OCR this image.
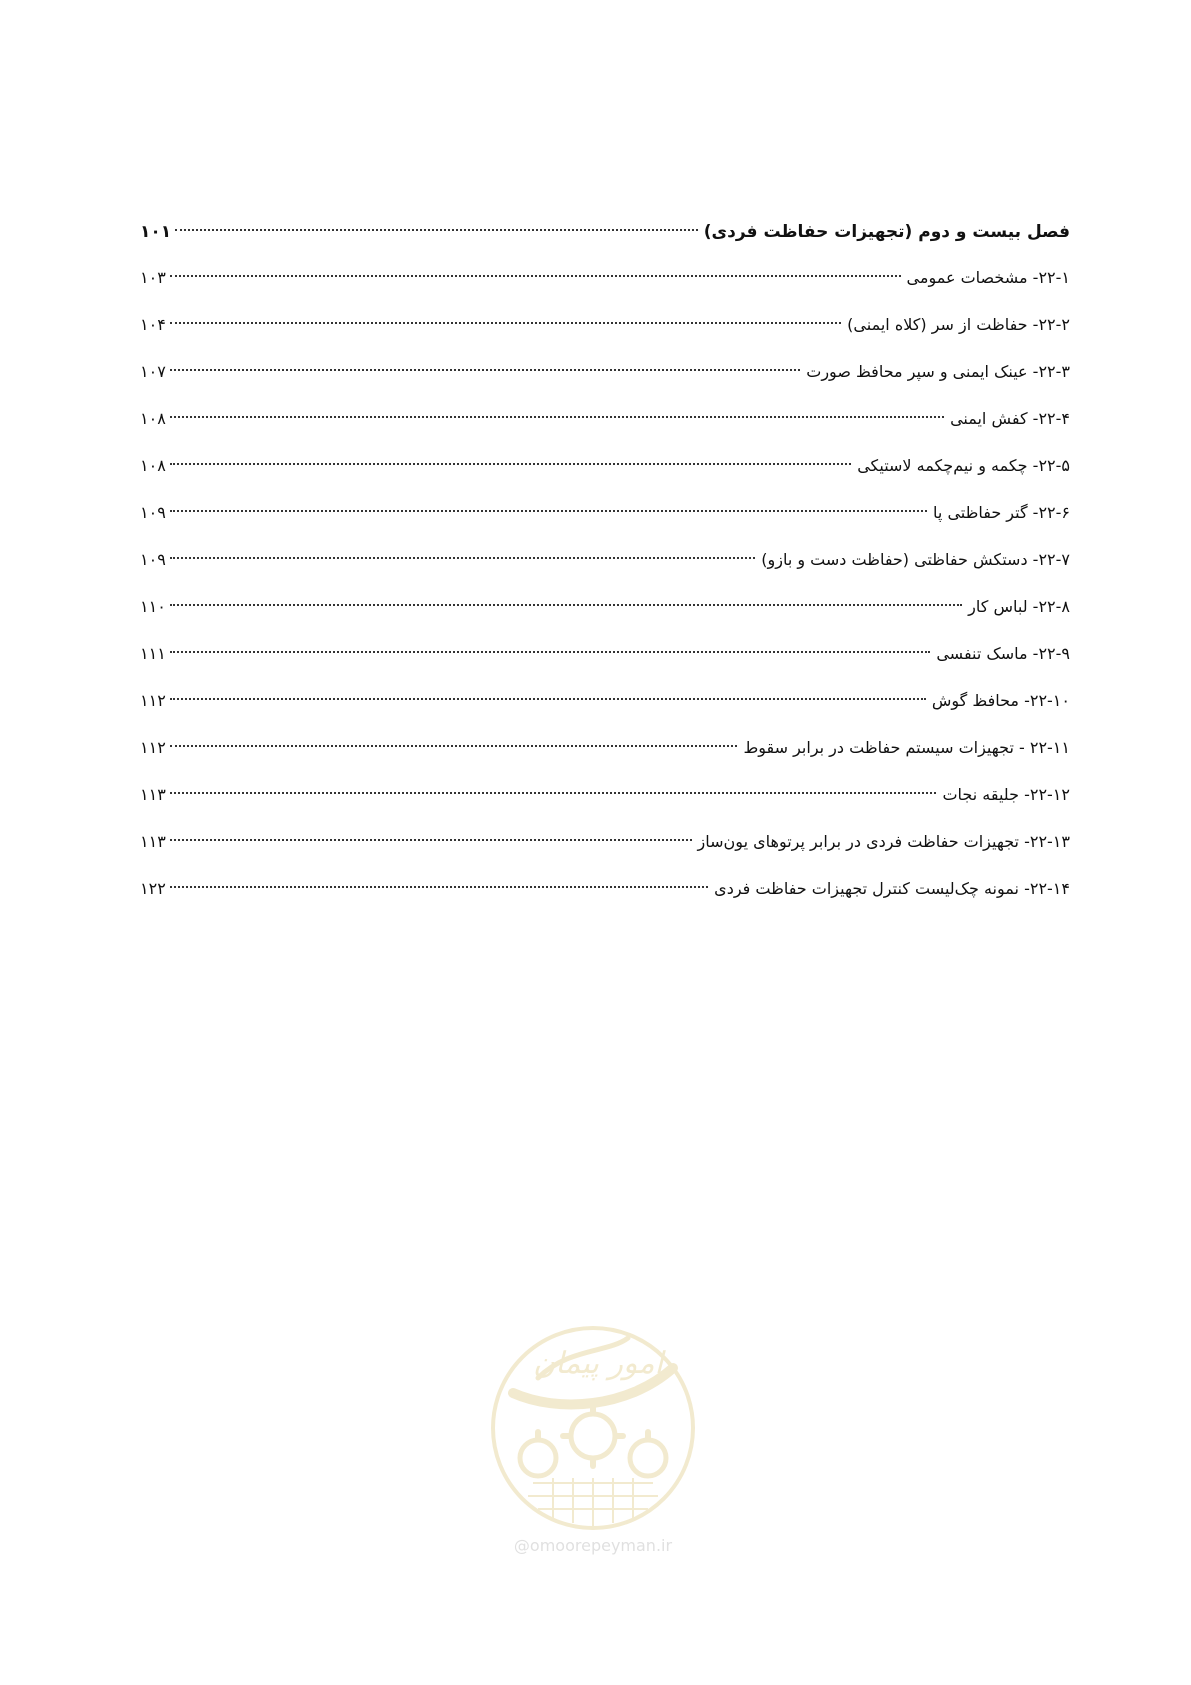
فصل بیست و دوم (تجهیزات حفاظت فردی)
۱۰۱
۲۲-۱- مشخصات عمومی
۱۰۳
۲۲-۲- حفاظت از سر (کلاه ایمنی)
۱۰۴
۲۲-۳- عینک ایمنی و سپر محافظ صورت
۱۰۷
۲۲-۴- کفش ایمنی
۱۰۸
۲۲-۵- چکمه و نیم‌چکمه لاستیکی
۱۰۸
۲۲-۶- گتر حفاظتی پا
۱۰۹
۲۲-۷- دستکش حفاظتی (حفاظت دست و بازو)
۱۰۹
۲۲-۸- لباس کار
۱۱۰
۲۲-۹- ماسک تنفسی
۱۱۱
۲۲-۱۰- محافظ گوش
۱۱۲
۲۲-۱۱ - تجهیزات سیستم حفاظت در برابر سقوط
۱۱۲
۲۲-۱۲- جلیقه نجات
۱۱۳
۲۲-۱۳- تجهیزات حفاظت فردی در برابر پرتوهای یون‌ساز
۱۱۳
۲۲-۱۴- نمونه چک‌لیست کنترل تجهیزات حفاظت فردی
۱۲۲
امور پیمان
@omoorepeyman.ir
